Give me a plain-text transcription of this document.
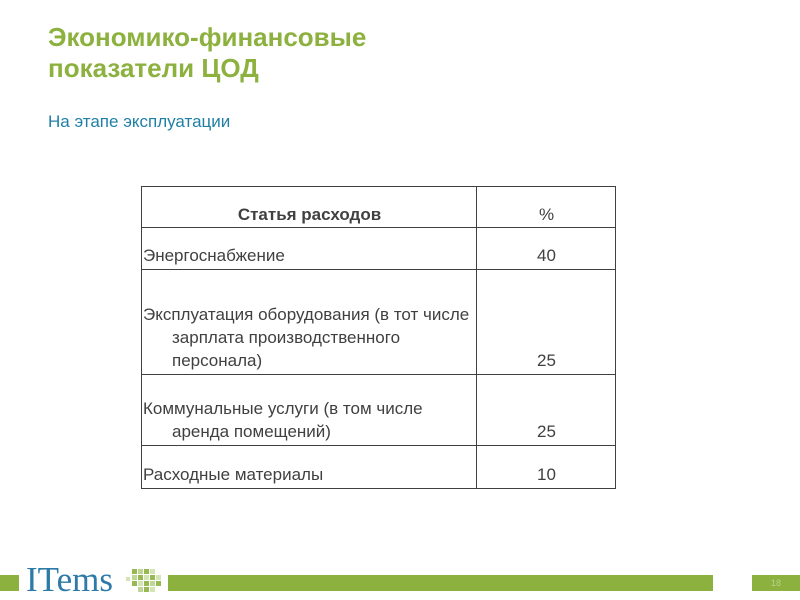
Экономико-финансовые
показатели ЦОД

На этапе эксплуатации

Статья расходов	%

Энергоснабжение	40

Эксплуатация оборудования (в тот числе зарплата производственного персонала)	25

Коммунальные услуги (в том числе аренда помещений)	25

Расходные материалы	10
ITems	18
